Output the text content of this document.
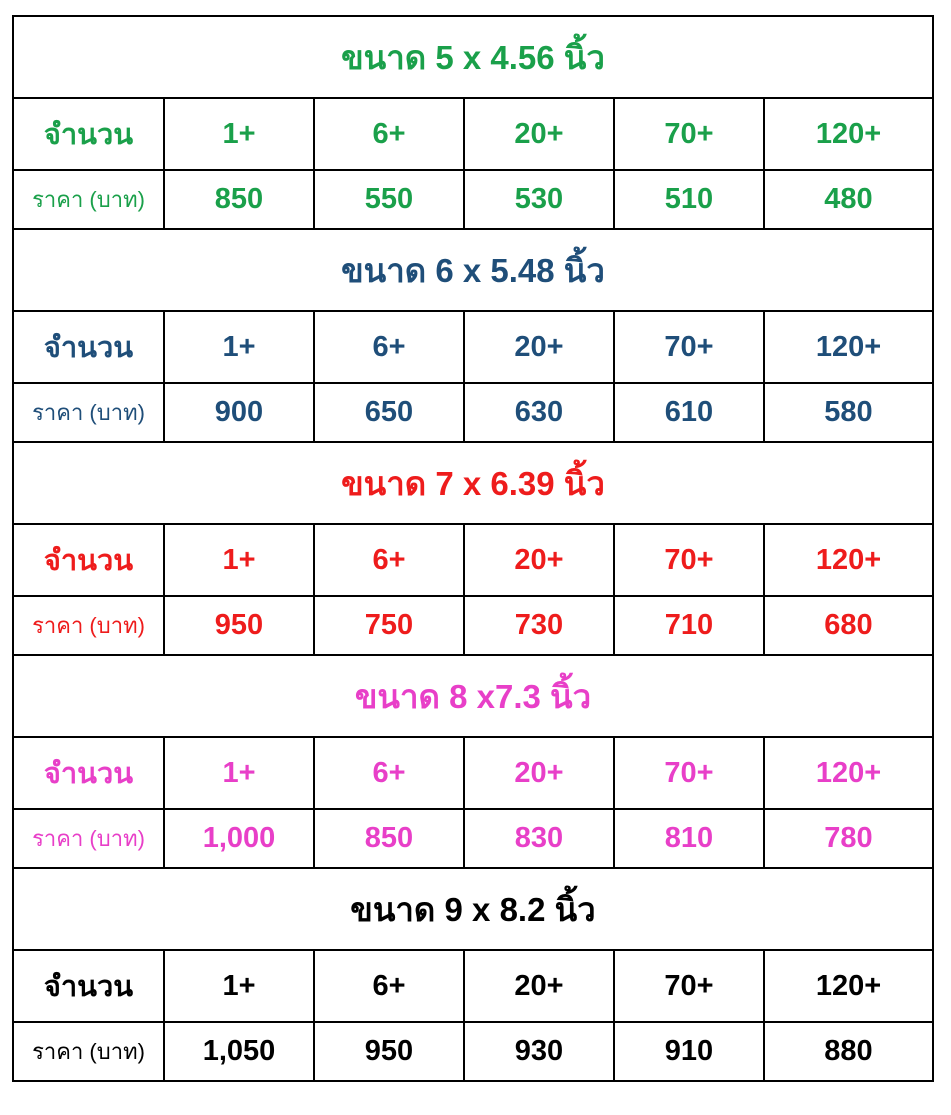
ขนาด 5 x 4.56 นิ้ว					
จำนวน	1+	6+	20+	70+	120+
ราคา (บาท)	850	550	530	510	480
ขนาด 6 x 5.48 นิ้ว					
จำนวน	1+	6+	20+	70+	120+
ราคา (บาท)	900	650	630	610	580
ขนาด 7 x 6.39 นิ้ว					
จำนวน	1+	6+	20+	70+	120+
ราคา (บาท)	950	750	730	710	680
ขนาด 8 x7.3 นิ้ว					
จำนวน	1+	6+	20+	70+	120+
ราคา (บาท)	1,000	850	830	810	780
ขนาด 9 x 8.2 นิ้ว					
จำนวน	1+	6+	20+	70+	120+
ราคา (บาท)	1,050	950	930	910	880
